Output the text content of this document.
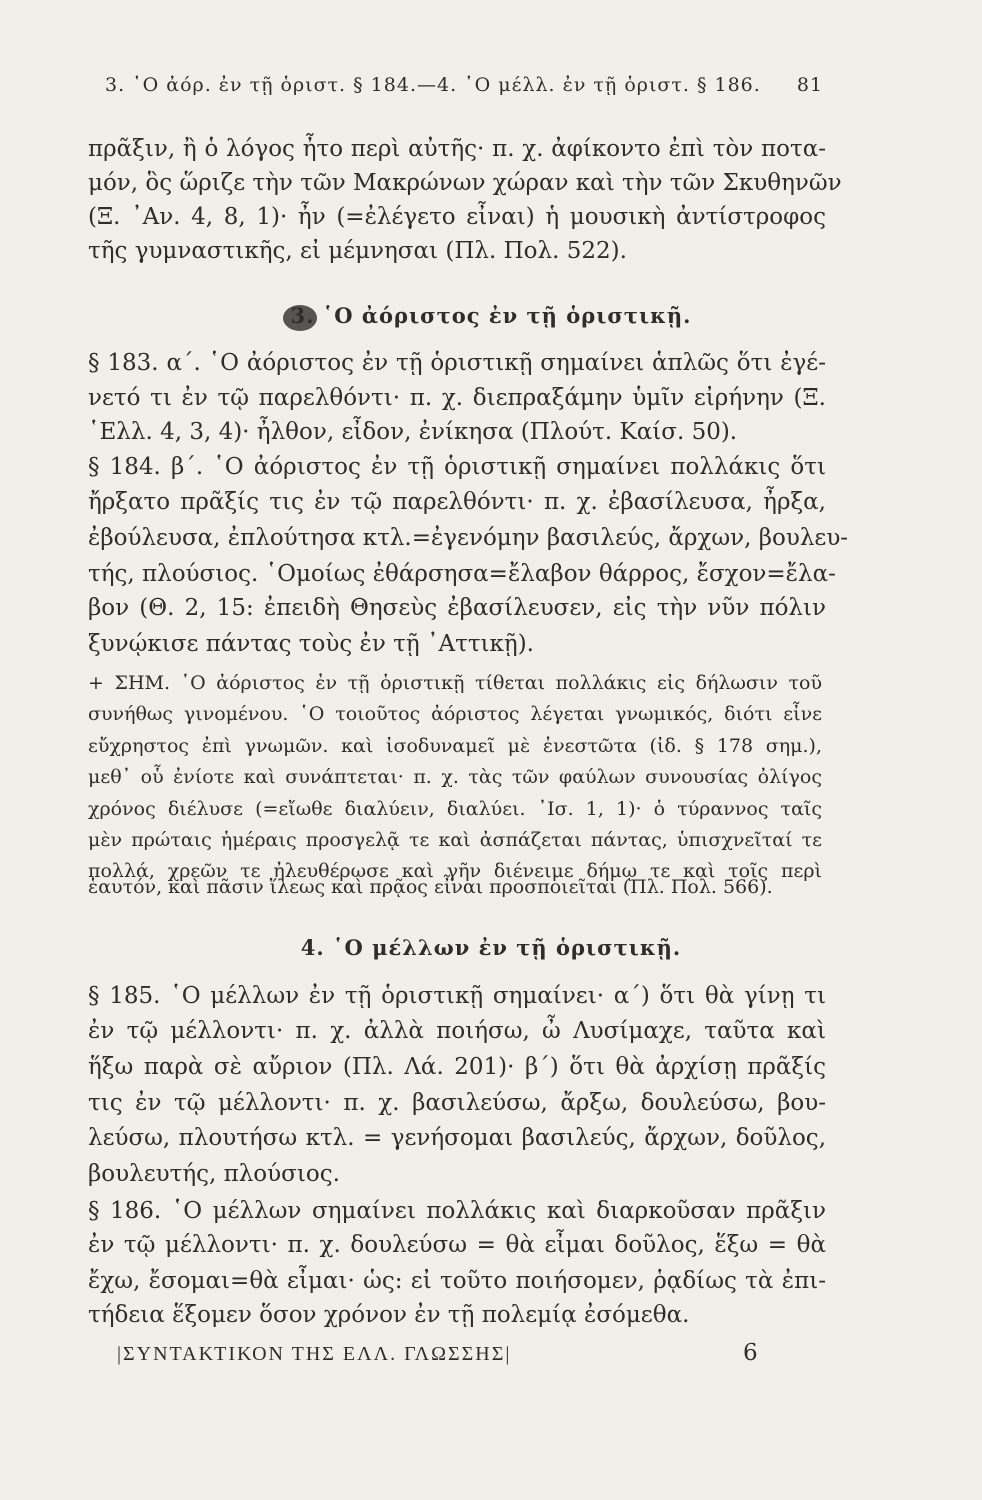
3. ῾Ο ἀόρ. ἐν τῇ ὁριστ. § 184.—4. ῾Ο μέλλ. ἐν τῇ ὁριστ. § 186. 81
πρᾶξιν, ἢ ὁ λόγος ἦτο περὶ αὐτῆς· π. χ. ἀφίκοντο ἐπὶ τὸν ποτα-
μόν, ὃς ὥριζε τὴν τῶν Μακρώνων χώραν καὶ τὴν τῶν Σκυθηνῶν
(Ξ. ᾿Αν. 4, 8, 1)· ἦν (=ἐλέγετο εἶναι) ἡ μουσικὴ ἀντίστροφος
τῆς γυμναστικῆς, εἰ μέμνησαι (Πλ. Πολ. 522).
3. ῾Ο ἀόριστος ἐν τῇ ὁριστικῇ.
§ 183. α΄. ῾Ο ἀόριστος ἐν τῇ ὁριστικῇ σημαίνει ἁπλῶς ὅτι ἐγέ-
νετό τι ἐν τῷ παρελθόντι· π. χ. διεπραξάμην ὑμῖν εἰρήνην (Ξ.
῾Ελλ. 4, 3, 4)· ἦλθον, εἶδον, ἐνίκησα (Πλούτ. Καίσ. 50).
§ 184. β΄. ῾Ο ἀόριστος ἐν τῇ ὁριστικῇ σημαίνει πολλάκις ὅτι
ἤρξατο πρᾶξίς τις ἐν τῷ παρελθόντι· π. χ. ἐβασίλευσα, ἦρξα,
ἐβούλευσα, ἐπλούτησα κτλ.=ἐγενόμην βασιλεύς, ἄρχων, βουλευ-
τής, πλούσιος. ῾Ομοίως ἐθάρσησα=ἔλαβον θάρρος, ἔσχον=ἔλα-
βον (Θ. 2, 15: ἐπειδὴ Θησεὺς ἐβασίλευσεν, εἰς τὴν νῦν πόλιν
ξυνῴκισε πάντας τοὺς ἐν τῇ ᾿Αττικῇ).
+ ΣΗΜ. ῾Ο ἀόριστος ἐν τῇ ὁριστικῇ τίθεται πολλάκις εἰς δήλωσιν τοῦ
συνήθως γινομένου. ῾Ο τοιοῦτος ἀόριστος λέγεται γνωμικός, διότι εἶνε
εὔχρηστος ἐπὶ γνωμῶν. καὶ ἰσοδυναμεῖ μὲ ἐνεστῶτα (ἰδ. § 178 σημ.),
μεθ᾿ οὗ ἐνίοτε καὶ συνάπτεται· π. χ. τὰς τῶν φαύλων συνουσίας ὀλίγος
χρόνος διέλυσε (=εἴωθε διαλύειν, διαλύει. ᾿Ισ. 1, 1)· ὁ τύραννος ταῖς
μὲν πρώταις ἡμέραις προσγελᾷ τε καὶ ἀσπάζεται πάντας, ὑπισχνεῖταί τε
πολλά, χρεῶν τε ἠλευθέρωσε καὶ γῆν διένειμε δήμῳ τε καὶ τοῖς περὶ
ἑαυτόν, καὶ πᾶσιν ἵλεως καὶ πρᾷος εἶναι προσποιεῖται (Πλ. Πολ. 566).
4. ῾Ο μέλλων ἐν τῇ ὁριστικῇ.
§ 185. ῾Ο μέλλων ἐν τῇ ὁριστικῇ σημαίνει· α΄) ὅτι θὰ γίνῃ τι
ἐν τῷ μέλλοντι· π. χ. ἀλλὰ ποιήσω, ὦ Λυσίμαχε, ταῦτα καὶ
ἥξω παρὰ σὲ αὔριον (Πλ. Λά. 201)· β΄) ὅτι θὰ ἀρχίσῃ πρᾶξίς
τις ἐν τῷ μέλλοντι· π. χ. βασιλεύσω, ἄρξω, δουλεύσω, βου-
λεύσω, πλουτήσω κτλ. = γενήσομαι βασιλεύς, ἄρχων, δοῦλος,
βουλευτής, πλούσιος.
§ 186. ῾Ο μέλλων σημαίνει πολλάκις καὶ διαρκοῦσαν πρᾶξιν
ἐν τῷ μέλλοντι· π. χ. δουλεύσω = θὰ εἶμαι δοῦλος, ἕξω = θὰ
ἔχω, ἔσομαι=θὰ εἶμαι· ὡς: εἰ τοῦτο ποιήσομεν, ῥᾳδίως τὰ ἐπι-
τήδεια ἕξομεν ὅσον χρόνον ἐν τῇ πολεμίᾳ ἐσόμεθα.
|ΣΥΝΤΑΚΤΙΚΟΝ ΤΗΣ ΕΛΛ. ΓΛΩΣΣΗΣ|	6
